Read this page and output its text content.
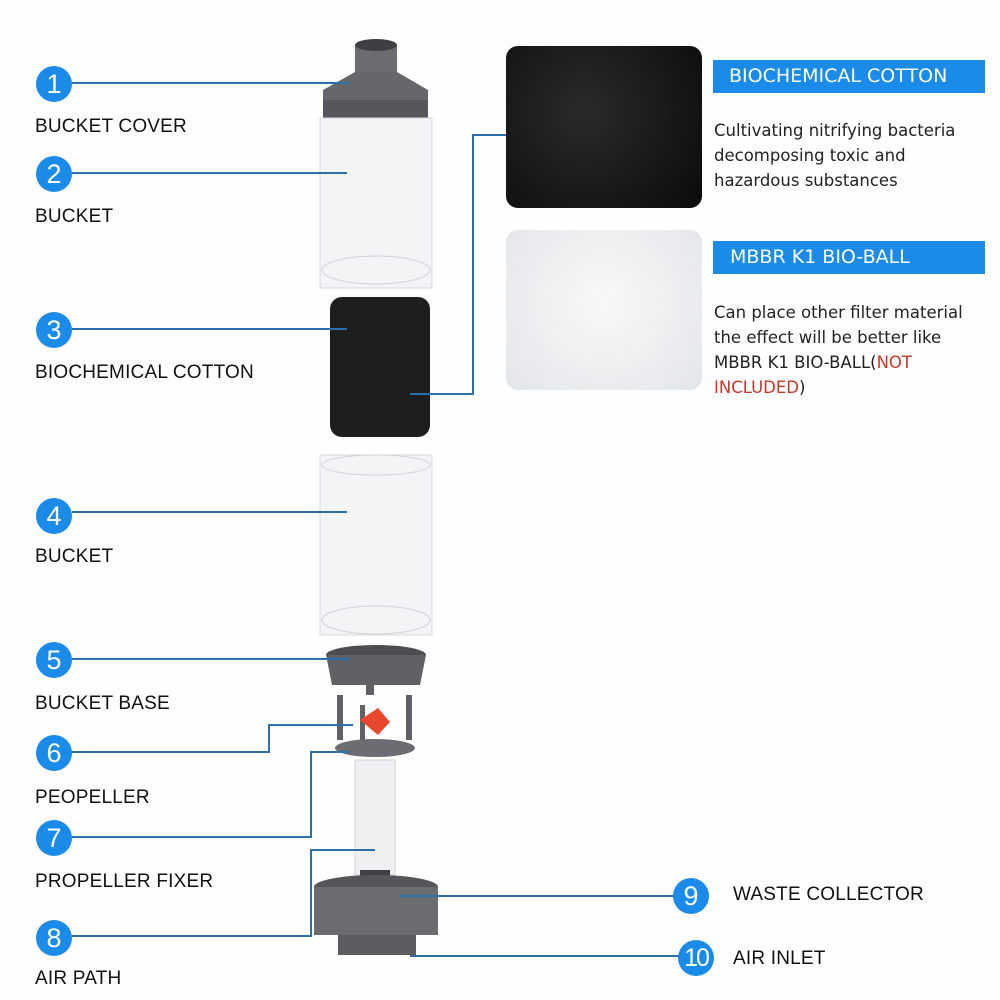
1
BUCKET COVER
2
BUCKET
3
BIOCHEMICAL COTTON
4
BUCKET
5
BUCKET BASE
6
PEOPELLER
7
PROPELLER FIXER
8
AIR PATH
9	WASTE COLLECTOR
10	AIR INLET
BIOCHEMICAL COTTON
Cultivating nitrifying bacteria
decomposing toxic and
hazardous substances
MBBR K1 BIO-BALL
Can place other filter material
the effect will be better like
MBBR K1 BIO-BALL(NOT
INCLUDED)
